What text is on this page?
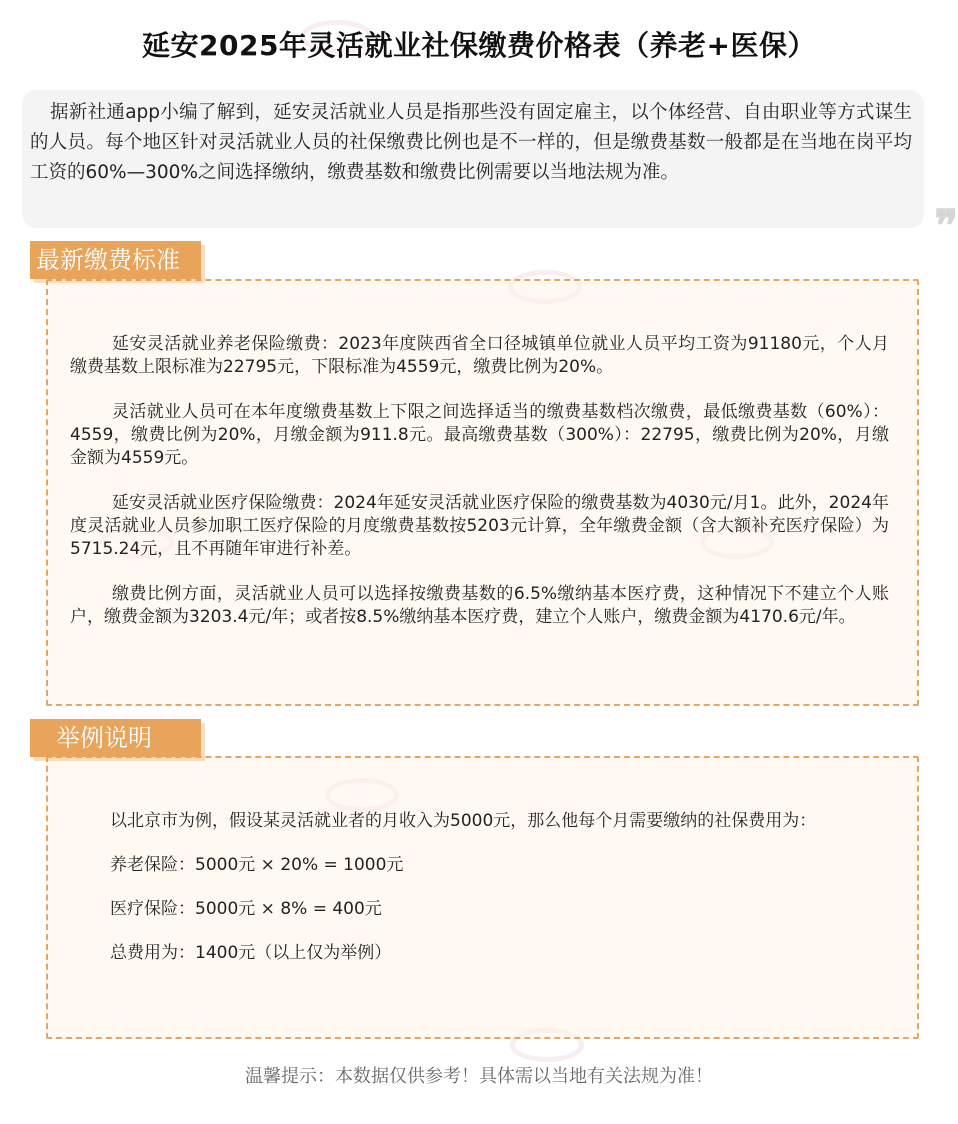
延安2025年灵活就业社保缴费价格表（养老+医保）
据新社通app小编了解到，延安灵活就业人员是指那些没有固定雇主，以个体经营、自由职业等方式谋生的人员。每个地区针对灵活就业人员的社保缴费比例也是不一样的，但是缴费基数一般都是在当地在岗平均工资的60%—300%之间选择缴纳，缴费基数和缴费比例需要以当地法规为准。
❞
最新缴费标准

延安灵活就业养老保险缴费：2023年度陕西省全口径城镇单位就业人员平均工资为91180元，个人月缴费基数上限标准为22795元，下限标准为4559元，缴费比例为20%。

灵活就业人员可在本年度缴费基数上下限之间选择适当的缴费基数档次缴费，最低缴费基数（60%）：4559，缴费比例为20%，月缴金额为911.8元。最高缴费基数（300%）：22795，缴费比例为20%，月缴金额为4559元。

延安灵活就业医疗保险缴费：2024年延安灵活就业医疗保险的缴费基数为4030元/月1。此外，2024年度灵活就业人员参加职工医疗保险的月度缴费基数按5203元计算，全年缴费金额（含大额补充医疗保险）为5715.24元，且不再随年审进行补差。

缴费比例方面，灵活就业人员可以选择按缴费基数的6.5%缴纳基本医疗费，这种情况下不建立个人账户，缴费金额为3203.4元/年；或者按8.5%缴纳基本医疗费，建立个人账户，缴费金额为4170.6元/年。

举例说明

以北京市为例，假设某灵活就业者的月收入为5000元，那么他每个月需要缴纳的社保费用为：

养老保险：5000元 × 20% = 1000元

医疗保险：5000元 × 8% = 400元

总费用为：1400元（以上仅为举例）

温馨提示：本数据仅供参考！具体需以当地有关法规为准！
